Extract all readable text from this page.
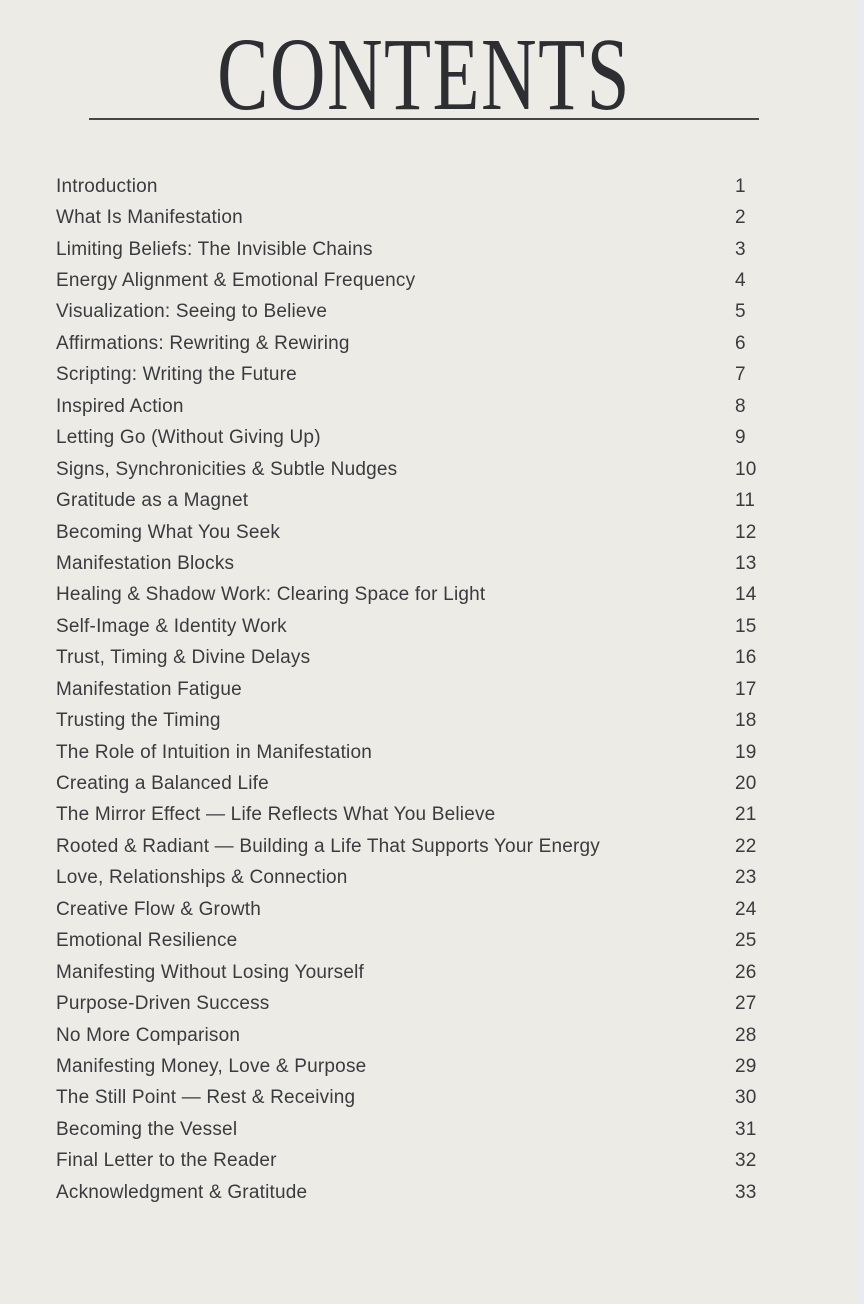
CONTENTS
Introduction	1
What Is Manifestation	2
Limiting Beliefs: The Invisible Chains	3
Energy Alignment & Emotional Frequency	4
Visualization: Seeing to Believe	5
Affirmations: Rewriting & Rewiring	6
Scripting: Writing the Future	7
Inspired Action	8
Letting Go (Without Giving Up)	9
Signs, Synchronicities & Subtle Nudges	10
Gratitude as a Magnet	11
Becoming What You Seek	12
Manifestation Blocks	13
Healing & Shadow Work: Clearing Space for Light	14
Self-Image & Identity Work	15
Trust, Timing & Divine Delays	16
Manifestation Fatigue	17
Trusting the Timing	18
The Role of Intuition in Manifestation	19
Creating a Balanced Life	20
The Mirror Effect — Life Reflects What You Believe	21
Rooted & Radiant — Building a Life That Supports Your Energy	22
Love, Relationships & Connection	23
Creative Flow & Growth	24
Emotional Resilience	25
Manifesting Without Losing Yourself	26
Purpose-Driven Success	27
No More Comparison	28
Manifesting Money, Love & Purpose	29
The Still Point — Rest & Receiving	30
Becoming the Vessel	31
Final Letter to the Reader	32
Acknowledgment & Gratitude	33
